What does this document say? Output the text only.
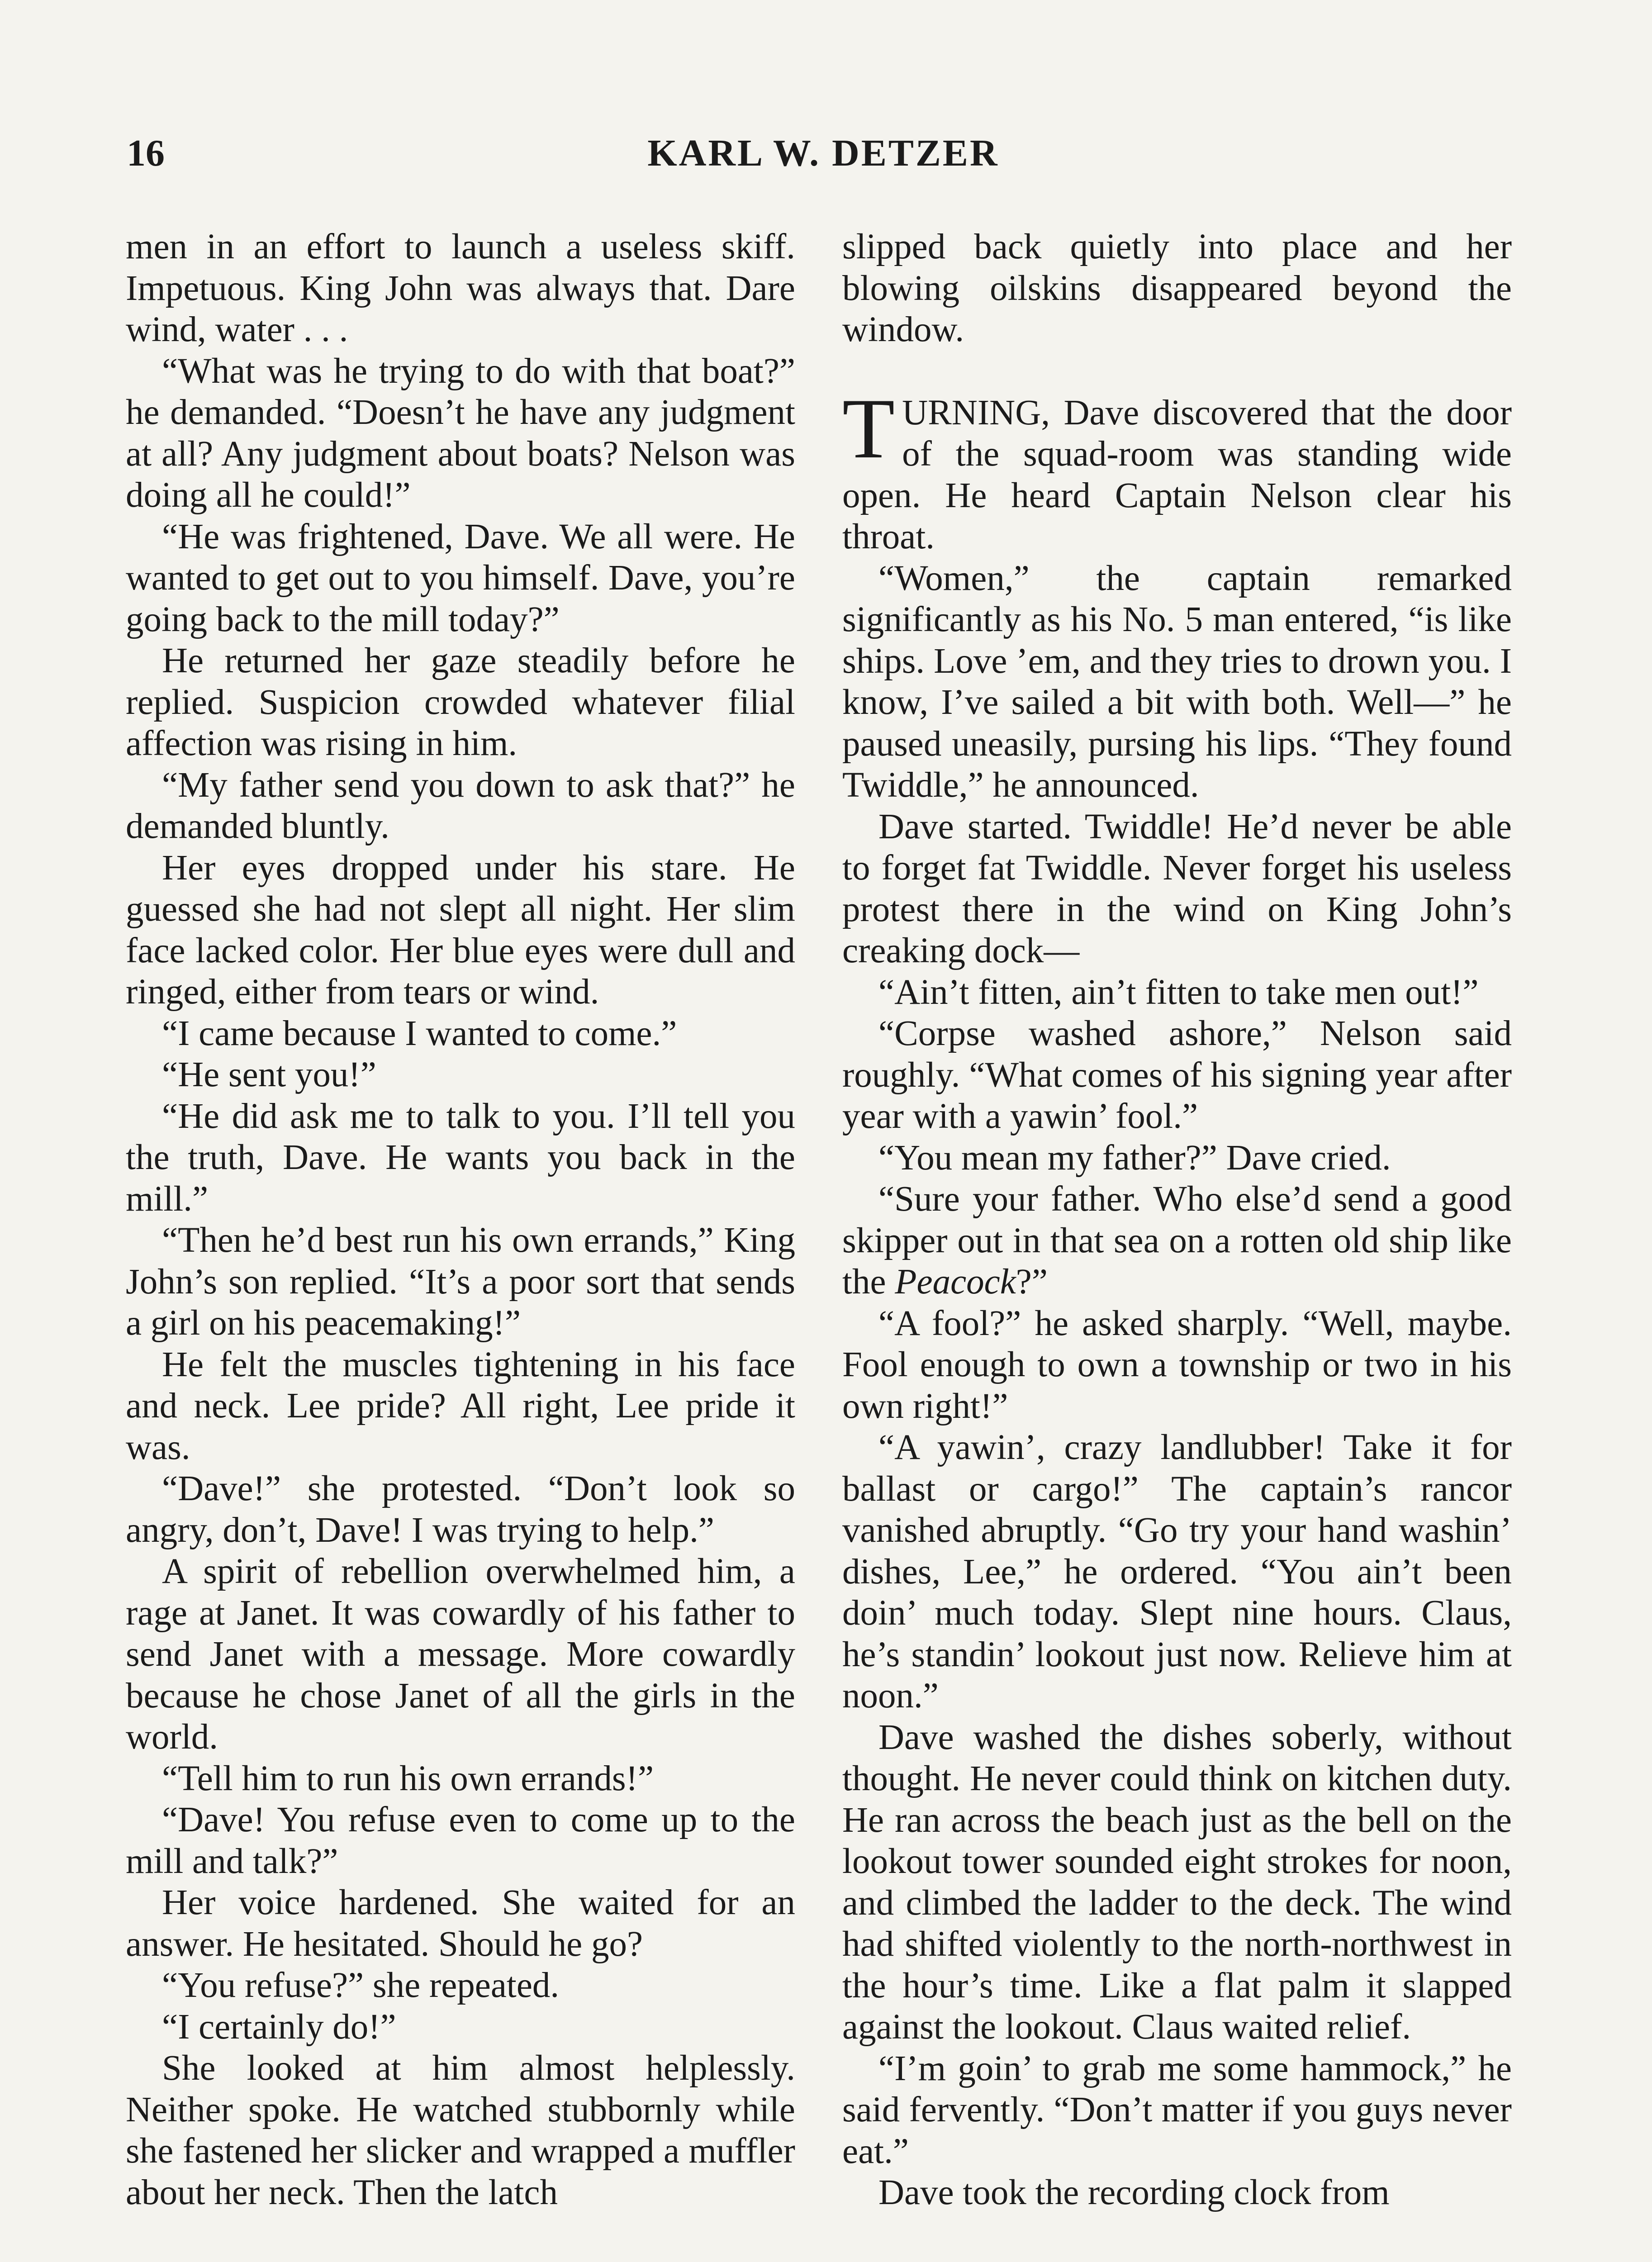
16	KARL W. DETZER

men in an effort to launch a useless skiff. Impetuous. King John was always that. Dare wind, water . . .

“What was he trying to do with that boat?” he demanded. “Doesn’t he have any judgment at all? Any judgment about boats? Nelson was doing all he could!”

“He was frightened, Dave. We all were. He wanted to get out to you himself. Dave, you’re going back to the mill today?”

He returned her gaze steadily before he replied. Suspicion crowded whatever filial affection was rising in him.

“My father send you down to ask that?” he demanded bluntly.

Her eyes dropped under his stare. He guessed she had not slept all night. Her slim face lacked color. Her blue eyes were dull and ringed, either from tears or wind.

“I came because I wanted to come.”

“He sent you!”

“He did ask me to talk to you. I’ll tell you the truth, Dave. He wants you back in the mill.”

“Then he’d best run his own errands,” King John’s son replied. “It’s a poor sort that sends a girl on his peacemaking!”

He felt the muscles tightening in his face and neck. Lee pride? All right, Lee pride it was.

“Dave!” she protested. “Don’t look so angry, don’t, Dave! I was trying to help.”

A spirit of rebellion overwhelmed him, a rage at Janet. It was cowardly of his father to send Janet with a message. More cowardly because he chose Janet of all the girls in the world.

“Tell him to run his own errands!”

“Dave! You refuse even to come up to the mill and talk?”

Her voice hardened. She waited for an answer. He hesitated. Should he go?

“You refuse?” she repeated.

“I certainly do!”

She looked at him almost helplessly. Neither spoke. He watched stubbornly while she fastened her slicker and wrapped a muffler about her neck. Then the latch

slipped back quietly into place and her blowing oilskins disappeared beyond the window.

TURNING, Dave discovered that the door of the squad-room was standing wide open. He heard Captain Nelson clear his throat.

“Women,” the captain remarked significantly as his No. 5 man entered, “is like ships. Love ’em, and they tries to drown you. I know, I’ve sailed a bit with both. Well—” he paused uneasily, pursing his lips. “They found Twiddle,” he announced.

Dave started. Twiddle! He’d never be able to forget fat Twiddle. Never forget his useless protest there in the wind on King John’s creaking dock—

“Ain’t fitten, ain’t fitten to take men out!”

“Corpse washed ashore,” Nelson said roughly. “What comes of his signing year after year with a yawin’ fool.”

“You mean my father?” Dave cried.

“Sure your father. Who else’d send a good skipper out in that sea on a rotten old ship like the Peacock?”

“A fool?” he asked sharply. “Well, maybe. Fool enough to own a township or two in his own right!”

“A yawin’, crazy landlubber! Take it for ballast or cargo!” The captain’s rancor vanished abruptly. “Go try your hand washin’ dishes, Lee,” he ordered. “You ain’t been doin’ much today. Slept nine hours. Claus, he’s standin’ lookout just now. Relieve him at noon.”

Dave washed the dishes soberly, without thought. He never could think on kitchen duty. He ran across the beach just as the bell on the lookout tower sounded eight strokes for noon, and climbed the ladder to the deck. The wind had shifted violently to the north-northwest in the hour’s time. Like a flat palm it slapped against the lookout. Claus waited relief.

“I’m goin’ to grab me some hammock,” he said fervently. “Don’t matter if you guys never eat.”

Dave took the recording clock from
